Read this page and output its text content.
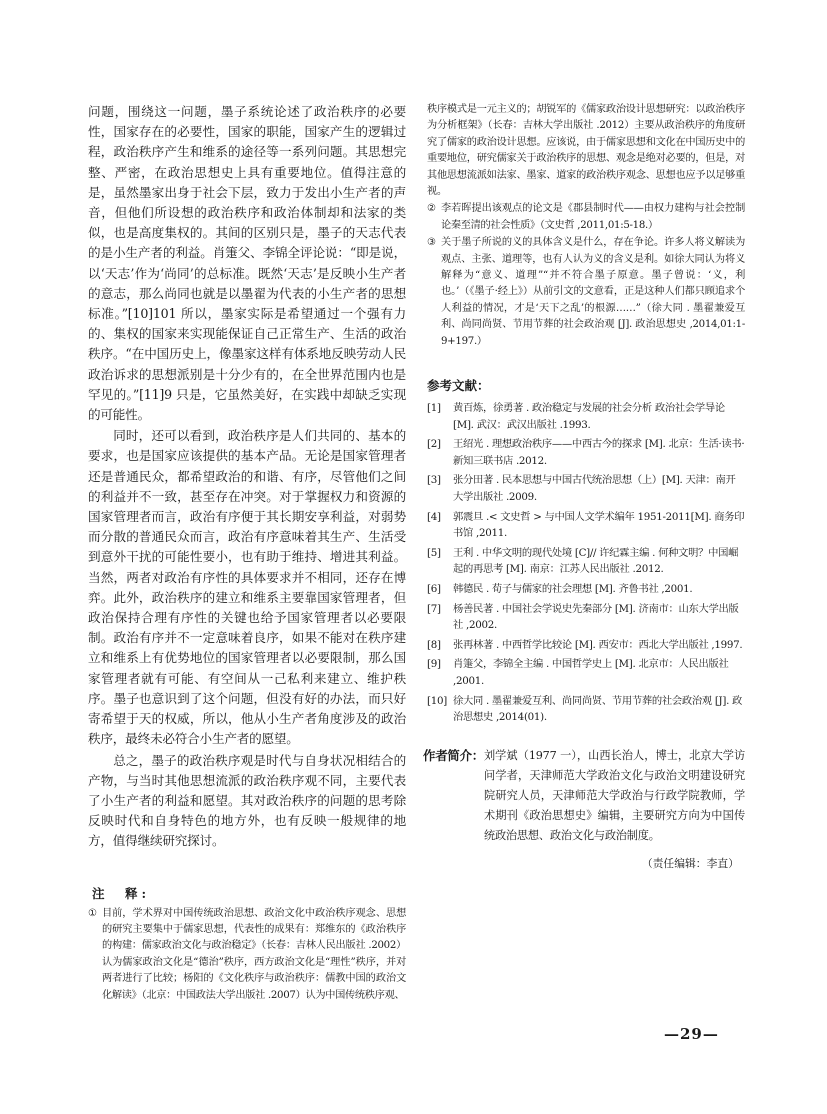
问题，围绕这一问题，墨子系统论述了政治秩序的必要性，国家存在的必要性，国家的职能，国家产生的逻辑过程，政治秩序产生和维系的途径等一系列问题。其思想完整、严密，在政治思想史上具有重要地位。值得注意的是，虽然墨家出身于社会下层，致力于发出小生产者的声音，但他们所设想的政治秩序和政治体制却和法家的类似，也是高度集权的。其间的区别只是，墨子的天志代表的是小生产者的利益。肖箑父、李锦全评论说：“即是说，以‘天志’作为‘尚同’的总标准。既然‘天志’是反映小生产者的意志，那么尚同也就是以墨翟为代表的小生产者的思想标准。”[10]101 所以，墨家实际是希望通过一个强有力的、集权的国家来实现能保证自己正常生产、生活的政治秩序。“在中国历史上，像墨家这样有体系地反映劳动人民政治诉求的思想派别是十分少有的，在全世界范围内也是罕见的。”[11]9 只是，它虽然美好，在实践中却缺乏实现的可能性。

同时，还可以看到，政治秩序是人们共同的、基本的要求，也是国家应该提供的基本产品。无论是国家管理者还是普通民众，都希望政治的和谐、有序，尽管他们之间的利益并不一致，甚至存在冲突。对于掌握权力和资源的国家管理者而言，政治有序便于其长期安享利益，对弱势而分散的普通民众而言，政治有序意味着其生产、生活受到意外干扰的可能性要小，也有助于维持、增进其利益。当然，两者对政治有序性的具体要求并不相同，还存在博弈。此外，政治秩序的建立和维系主要靠国家管理者，但政治保持合理有序性的关键也给予国家管理者以必要限制。政治有序并不一定意味着良序，如果不能对在秩序建立和维系上有优势地位的国家管理者以必要限制，那么国家管理者就有可能、有空间从一己私利来建立、维护秩序。墨子也意识到了这个问题，但没有好的办法，而只好寄希望于天的权威，所以，他从小生产者角度涉及的政治秩序，最终未必符合小生产者的愿望。

总之，墨子的政治秩序观是时代与自身状况相结合的产物，与当时其他思想流派的政治秩序观不同，主要代表了小生产者的利益和愿望。其对政治秩序的问题的思考除反映时代和自身特色的地方外，也有反映一般规律的地方，值得继续研究探讨。

注　释:
① 目前，学术界对中国传统政治思想、政治文化中政治秩序观念、思想的研究主要集中于儒家思想，代表性的成果有：郑维东的《政治秩序的构建：儒家政治文化与政治稳定》（长春：吉林人民出版社 .2002）认为儒家政治文化是“德治”秩序，西方政治文化是“理性”秩序，并对两者进行了比较；杨阳的《文化秩序与政治秩序：儒教中国的政治文化解读》（北京：中国政法大学出版社 .2007）认为中国传统秩序观、
秩序模式是一元主义的；胡锐军的《儒家政治设计思想研究：以政治秩序为分析框架》（长春：吉林大学出版社 .2012）主要从政治秩序的角度研究了儒家的政治设计思想。应该说，由于儒家思想和文化在中国历史中的重要地位，研究儒家关于政治秩序的思想、观念是绝对必要的，但是，对其他思想流派如法家、墨家、道家的政治秩序观念、思想也应予以足够重视。
② 李若晖提出该观点的论文是《郡县制时代——由权力建构与社会控制论秦至清的社会性质》（文史哲 ,2011,01:5-18.）
③ 关于墨子所说的义的具体含义是什么，存在争论。许多人将义解读为观点、主张、道理等，也有人认为义的含义是利。如徐大同认为将义解释为“意义、道理”“并不符合墨子原意。墨子曾说：‘义，利也。’（《墨子·经上》）从前引文的文意看，正是这种人们都只顾追求个人利益的情况，才是‘天下之乱’的根源……”（徐大同 . 墨翟兼爱互利、尚同尚贤、节用节葬的社会政治观 [J]. 政治思想史 ,2014,01:1-9+197.）
参考文献：
[1]	黄百炼，徐勇著 . 政治稳定与发展的社会分析 政治社会学导论 [M]. 武汉：武汉出版社 .1993.
[2]	王绍光 . 理想政治秩序——中西古今的探求 [M]. 北京：生活·读书·新知三联书店 .2012.
[3]	张分田著 . 民本思想与中国古代统治思想（上）[M]. 天津：南开大学出版社 .2009.
[4]	郭震旦 .< 文史哲 > 与中国人文学术编年 1951-2011[M]. 商务印书馆 ,2011.
[5]	王利 . 中华文明的现代处境 [C]// 许纪霖主编 . 何种文明？中国崛起的再思考 [M]. 南京：江苏人民出版社 .2012.
[6]	韩德民 . 荀子与儒家的社会理想 [M]. 齐鲁书社 ,2001.
[7]	杨善民著 . 中国社会学说史先秦部分 [M]. 济南市：山东大学出版社 ,2002.
[8]	张再林著 . 中西哲学比较论 [M]. 西安市：西北大学出版社 ,1997.
[9]	肖箑父，李锦全主编 . 中国哲学史上 [M]. 北京市：人民出版社 ,2001.
[10] 徐大同 . 墨翟兼爱互利、尚同尚贤、节用节葬的社会政治观 [J]. 政治思想史 ,2014(01).
作者简介： 刘学斌（1977 一），山西长治人，博士，北京大学访问学者，天津师范大学政治文化与政治文明建设研究院研究人员，天津师范大学政治与行政学院教师，学术期刊《政治思想史》编辑，主要研究方向为中国传统政治思想、政治文化与政治制度。
（责任编辑：李直）
—29—
